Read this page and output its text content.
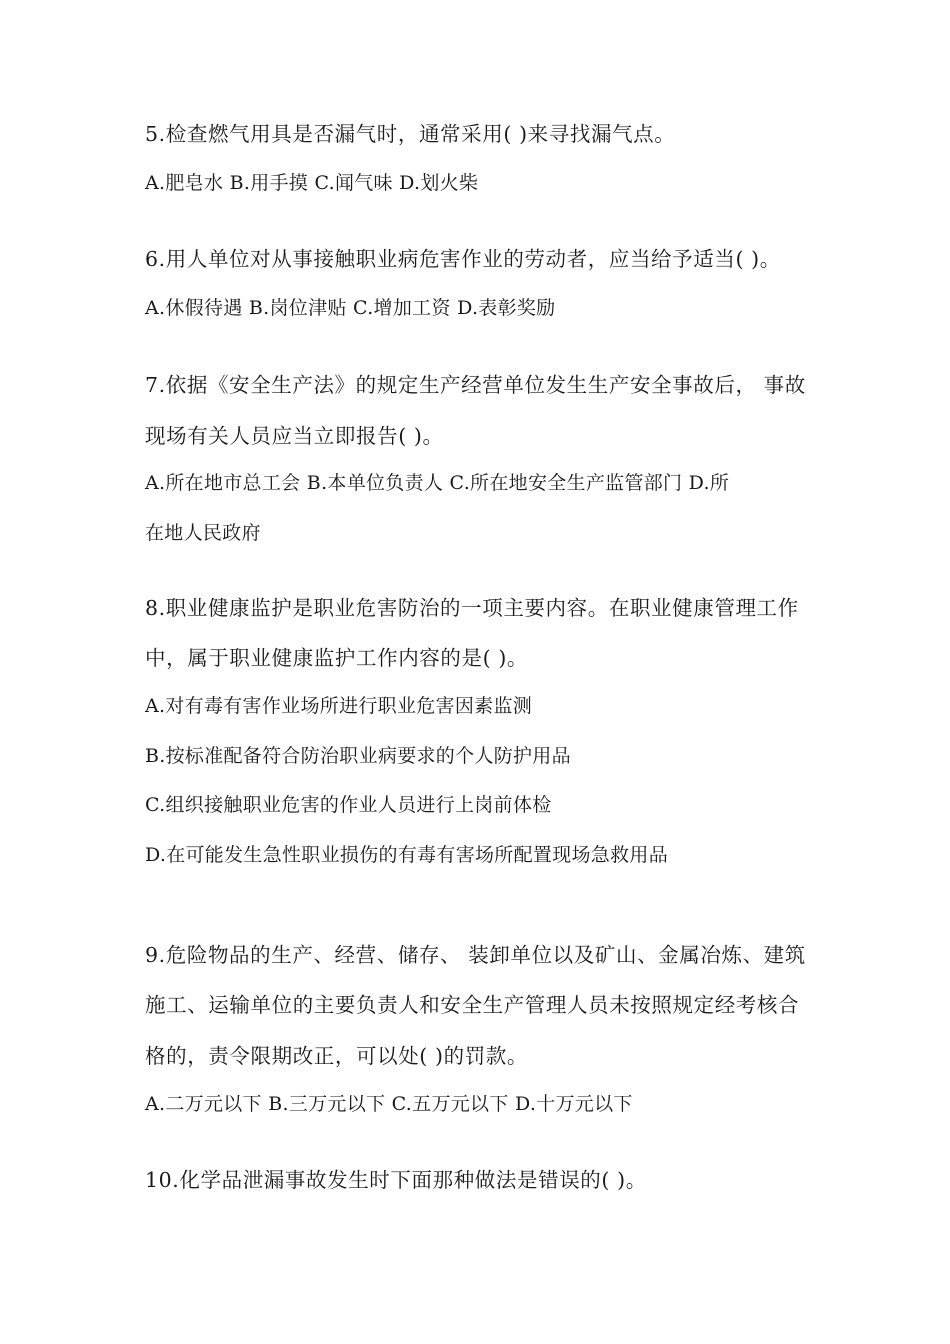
5.检查燃气用具是否漏气时，通常采用( )来寻找漏气点。
A.肥皂水 B.用手摸 C.闻气味 D.划火柴
6.用人单位对从事接触职业病危害作业的劳动者，应当给予适当( )。
A.休假待遇 B.岗位津贴 C.增加工资 D.表彰奖励
7.依据《安全生产法》的规定生产经营单位发生生产安全事故后， 事故
现场有关人员应当立即报告( )。
A.所在地市总工会 B.本单位负责人 C.所在地安全生产监管部门 D.所
在地人民政府
8.职业健康监护是职业危害防治的一项主要内容。在职业健康管理工作
中，属于职业健康监护工作内容的是( )。
A.对有毒有害作业场所进行职业危害因素监测
B.按标准配备符合防治职业病要求的个人防护用品
C.组织接触职业危害的作业人员进行上岗前体检
D.在可能发生急性职业损伤的有毒有害场所配置现场急救用品
9.危险物品的生产、经营、储存、 装卸单位以及矿山、金属冶炼、建筑
施工、运输单位的主要负责人和安全生产管理人员未按照规定经考核合
格的，责令限期改正，可以处( )的罚款。
A.二万元以下 B.三万元以下 C.五万元以下 D.十万元以下
10.化学品泄漏事故发生时下面那种做法是错误的( )。
